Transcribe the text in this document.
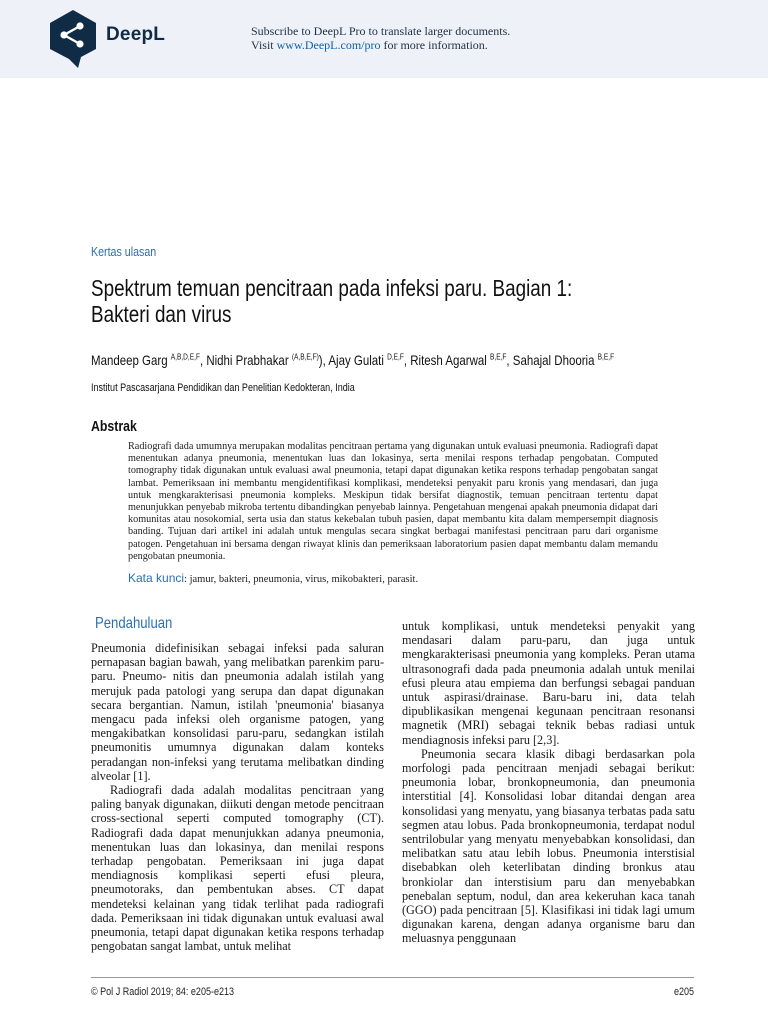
DeepL	Subscribe to DeepL Pro to translate larger documents.
Visit www.DeepL.com/pro for more information.
Kertas ulasan
Spektrum temuan pencitraan pada infeksi paru. Bagian 1:
Bakteri dan virus
Mandeep Garg $^{A,B,D,E,F}$, Nidhi Prabhakar $^{(A,B,E,F)}$), Ajay Gulati $^{D,E,F}$, Ritesh Agarwal $^{B,E,F}$, Sahajal Dhooria $^{B,E,F}$
Institut Pascasarjana Pendidikan dan Penelitian Kedokteran, India
Abstrak
Radiografi dada umumnya merupakan modalitas pencitraan pertama yang digunakan untuk evaluasi pneumonia. Radiografi dapat menentukan adanya pneumonia, menentukan luas dan lokasinya, serta menilai respons terhadap pengobatan. Computed tomography tidak digunakan untuk evaluasi awal pneumonia, tetapi dapat digunakan ketika respons terhadap pengobatan sangat lambat. Pemeriksaan ini membantu mengidentifikasi komplikasi, mendeteksi penyakit paru kronis yang mendasari, dan juga untuk mengkarakterisasi pneumonia kompleks. Meskipun tidak bersifat diagnostik, temuan pencitraan tertentu dapat menunjukkan penyebab mikroba tertentu dibandingkan penyebab lainnya. Pengetahuan mengenai apakah pneumonia didapat dari komunitas atau nosokomial, serta usia dan status kekebalan tubuh pasien, dapat membantu kita dalam mempersempit diagnosis banding. Tujuan dari artikel ini adalah untuk mengulas secara singkat berbagai manifestasi pencitraan paru dari organisme patogen. Pengetahuan ini bersama dengan riwayat klinis dan pemeriksaan laboratorium pasien dapat membantu dalam memandu pengobatan pneumonia.
Kata kunci: jamur, bakteri, pneumonia, virus, mikobakteri, parasit.
Pendahuluan

Pneumonia didefinisikan sebagai infeksi pada saluran pernapasan bagian bawah, yang melibatkan parenkim paru-paru. Pneumo- nitis dan pneumonia adalah istilah yang merujuk pada patologi yang serupa dan dapat digunakan secara bergantian. Namun, istilah 'pneumonia' biasanya mengacu pada infeksi oleh organisme patogen, yang mengakibatkan konsolidasi paru-paru, sedangkan istilah pneumonitis umumnya digunakan dalam konteks peradangan non-infeksi yang terutama melibatkan dinding alveolar [1].

Radiografi dada adalah modalitas pencitraan yang paling banyak digunakan, diikuti dengan metode pencitraan cross-sectional seperti computed tomography (CT). Radiografi dada dapat menunjukkan adanya pneumonia, menentukan luas dan lokasinya, dan menilai respons terhadap pengobatan. Pemeriksaan ini juga dapat mendiagnosis komplikasi seperti efusi pleura, pneumotoraks, dan pembentukan abses. CT dapat mendeteksi kelainan yang tidak terlihat pada radiografi dada. Pemeriksaan ini tidak digunakan untuk evaluasi awal pneumonia, tetapi dapat digunakan ketika respons terhadap pengobatan sangat lambat, untuk melihat

untuk komplikasi, untuk mendeteksi penyakit yang mendasari dalam paru-paru, dan juga untuk mengkarakterisasi pneumonia yang kompleks. Peran utama ultrasonografi dada pada pneumonia adalah untuk menilai efusi pleura atau empiema dan berfungsi sebagai panduan untuk aspirasi/drainase. Baru-baru ini, data telah dipublikasikan mengenai kegunaan pencitraan resonansi magnetik (MRI) sebagai teknik bebas radiasi untuk mendiagnosis infeksi paru [2,3].

Pneumonia secara klasik dibagi berdasarkan pola morfologi pada pencitraan menjadi sebagai berikut: pneumonia lobar, bronkopneumonia, dan pneumonia interstitial [4]. Konsolidasi lobar ditandai dengan area konsolidasi yang menyatu, yang biasanya terbatas pada satu segmen atau lobus. Pada bronkopneumonia, terdapat nodul sentrilobular yang menyatu menyebabkan konsolidasi, dan melibatkan satu atau lebih lobus. Pneumonia interstisial disebabkan oleh keterlibatan dinding bronkus atau bronkiolar dan interstisium paru dan menyebabkan penebalan septum, nodul, dan area kekeruhan kaca tanah (GGO) pada pencitraan [5]. Klasifikasi ini tidak lagi umum digunakan karena, dengan adanya organisme baru dan meluasnya penggunaan

© Pol J Radiol 2019; 84: e205-e213	e205
